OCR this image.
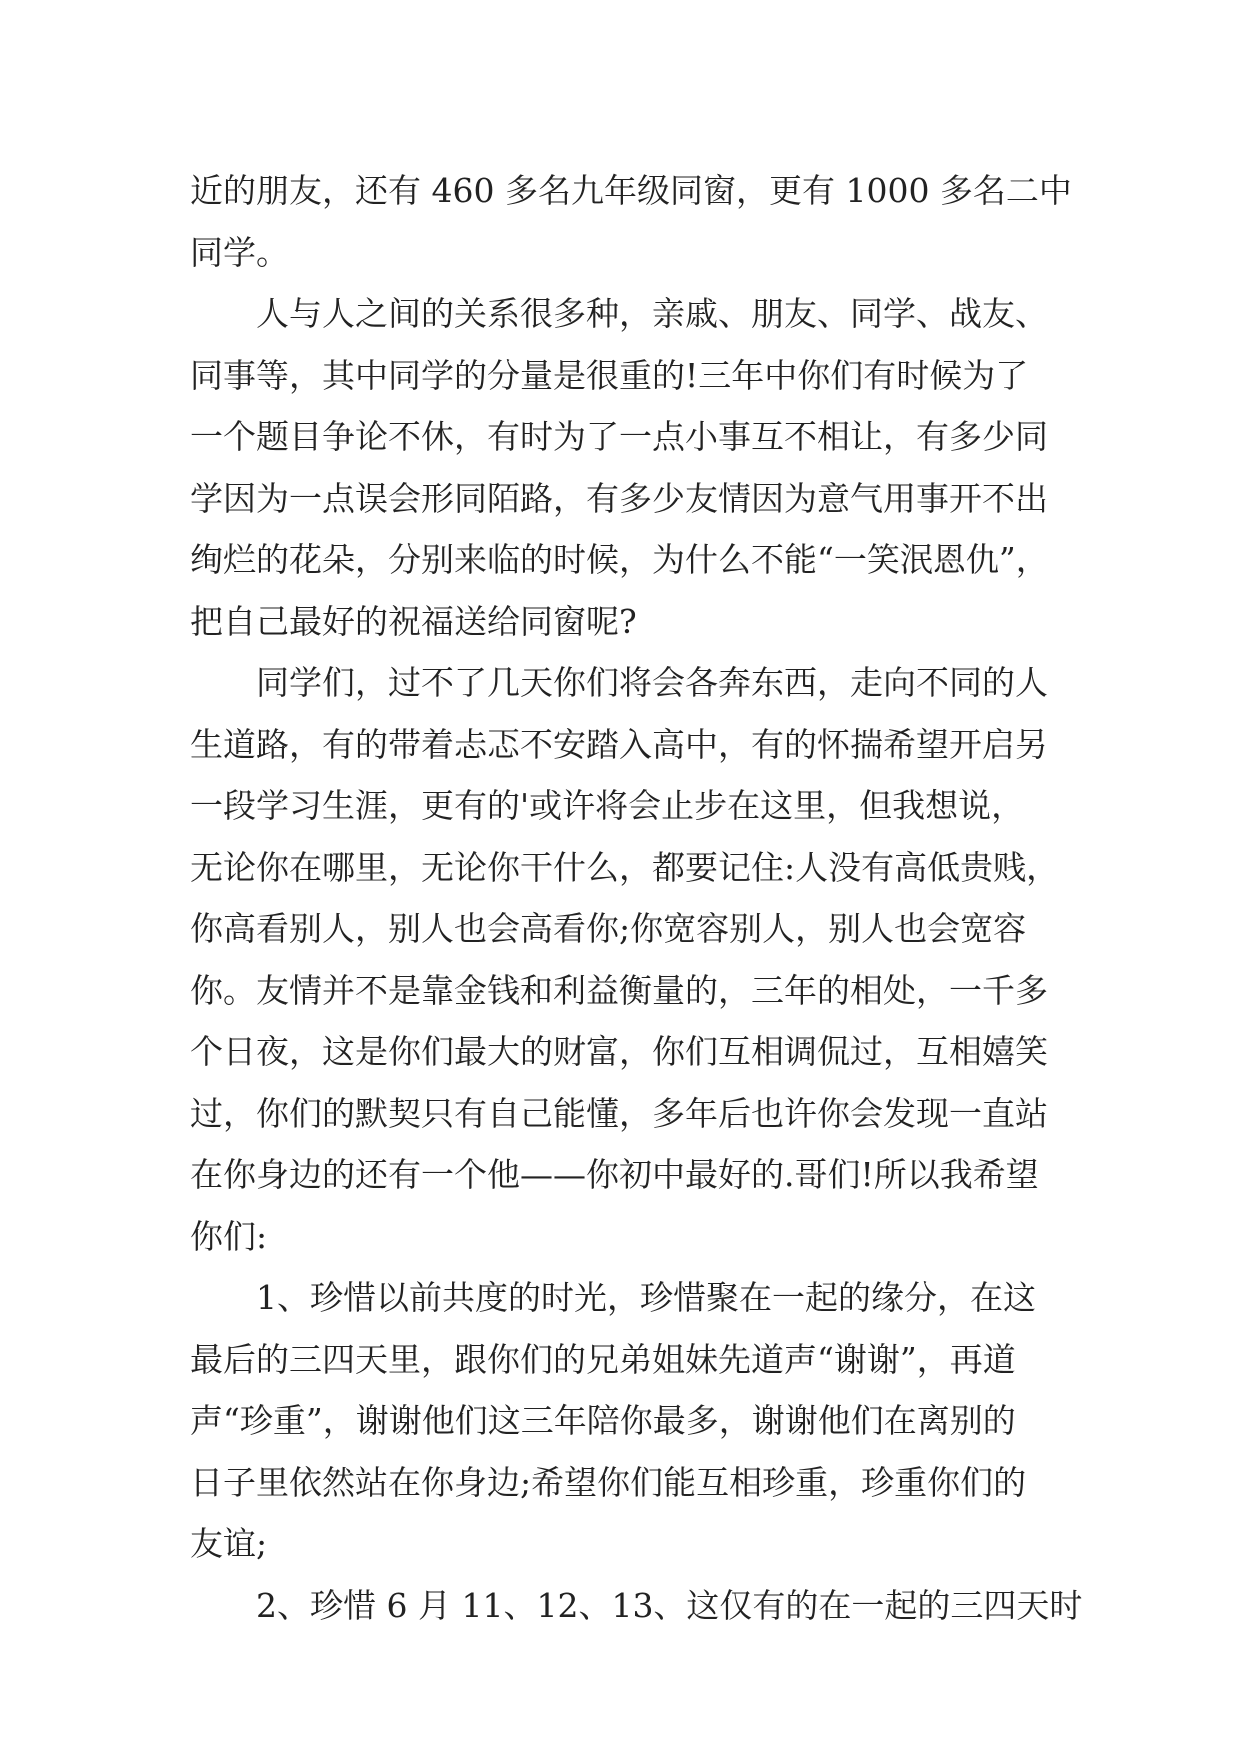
近的朋友，还有 460 多名九年级同窗，更有 1000 多名二中
同学。
人与人之间的关系很多种，亲戚、朋友、同学、战友、
同事等，其中同学的分量是很重的!三年中你们有时候为了
一个题目争论不休，有时为了一点小事互不相让，有多少同
学因为一点误会形同陌路，有多少友情因为意气用事开不出
绚烂的花朵，分别来临的时候，为什么不能“一笑泯恩仇”，
把自己最好的祝福送给同窗呢?
同学们，过不了几天你们将会各奔东西，走向不同的人
生道路，有的带着忐忑不安踏入高中，有的怀揣希望开启另
一段学习生涯，更有的'或许将会止步在这里，但我想说，
无论你在哪里，无论你干什么，都要记住:人没有高低贵贱，
你高看别人，别人也会高看你;你宽容别人，别人也会宽容
你。友情并不是靠金钱和利益衡量的，三年的相处，一千多
个日夜，这是你们最大的财富，你们互相调侃过，互相嬉笑
过，你们的默契只有自己能懂，多年后也许你会发现一直站
在你身边的还有一个他——你初中最好的.哥们!所以我希望
你们:
1、珍惜以前共度的时光，珍惜聚在一起的缘分，在这
最后的三四天里，跟你们的兄弟姐妹先道声“谢谢”，再道
声“珍重”，谢谢他们这三年陪你最多，谢谢他们在离别的
日子里依然站在你身边;希望你们能互相珍重，珍重你们的
友谊;
2、珍惜 6 月 11、12、13、这仅有的在一起的三四天时
